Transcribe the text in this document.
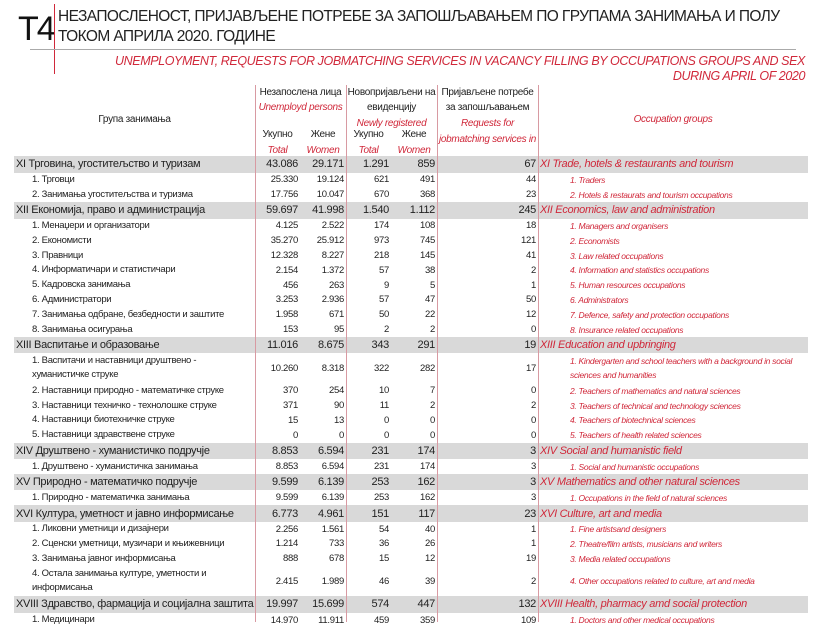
T4 НЕЗАПОСЛЕНОСТ, ПРИЈАВЉЕНЕ ПОТРЕБЕ ЗА ЗАПОШЉАВАЊЕМ ПО ГРУПАМА ЗАНИМАЊА И ПОЛУ
ТОКОМ АПРИЛА 2020. ГОДИНЕ
UNEMPLOYMENT, REQUESTS FOR JOBMATCHING SERVICES IN VACANCY FILLING BY OCCUPATIONS GROUPS AND SEX
DURING APRIL OF 2020
Група занимања	Occupation groups
Незапослена лица
Unemployd persons
Укупно	Жене
Total	Women
Новопријављени на
евиденцију
Newly registered
Укупно	Жене
Total	Women
Пријављене потребе
за запошљавањем
Requests for
jobmatching services in
XI Трговина, угоститељство и туризам	43.086	29.171	1.291	859	67	XI Trade, hotels & restaurants and tourism
1. Трговци	25.330	19.124	621	491	44	1. Traders
2. Занимања угоститељства и туризма	17.756	10.047	670	368	23	2. Hotels & restaurats and tourism occupations
XII Економија, право и администрација	59.697	41.998	1.540	1.112	245	XII Economics, law and administration
1. Менаџери и организатори	4.125	2.522	174	108	18	1. Managers and organisers
2. Економисти	35.270	25.912	973	745	121	2. Economists
3. Правници	12.328	8.227	218	145	41	3. Law related occupations
4. Информатичари и статистичари	2.154	1.372	57	38	2	4. Information and statistics occupations
5. Кадровска занимања	456	263	9	5	1	5. Human resources occupations
6. Администратори	3.253	2.936	57	47	50	6. Administrators
7. Занимања одбране, безбедности и заштите	1.958	671	50	22	12	7. Defence, safety and protection occupations
8. Занимања осигурања	153	95	2	2	0	8. Insurance related occupations
XIII Васпитање и образовање	11.016	8.675	343	291	19	XIII Education and upbringing
1. Васпитачи и наставници друштвено - хуманистичке струке	10.260	8.318	322	282	17	1. Kindergarten and school teachers with a background in social sciences and humanities
2. Наставници природно - математичке струке	370	254	10	7	0	2. Teachers of mathematics and natural sciences
3. Наставници техничко - технолошке струке	371	90	11	2	2	3. Teachers of technical and technology sciences
4. Наставници биотехничке струке	15	13	0	0	0	4. Teachers of biotechnical sciences
5. Наставници здравствене струке	0	0	0	0	0	5. Teachers of health related sciences
XIV Друштвено - хуманистичко подручје	8.853	6.594	231	174	3	XIV Social and humanistic field
1. Друштвено - хуманистичка занимања	8.853	6.594	231	174	3	1. Social and humanistic occupations
XV Природно - математичко подручје	9.599	6.139	253	162	3	XV Mathematics and other natural sciences
1. Природно - математичка занимања	9.599	6.139	253	162	3	1. Occupations in the field of natural sciences
XVI Култура, уметност и јавно информисање	6.773	4.961	151	117	23	XVI Culture, art and media
1. Ликовни уметници и дизајнери	2.256	1.561	54	40	1	1. Fine artistsand designers
2. Сценски уметници, музичари и књижевници	1.214	733	36	26	1	2. Theatre/film artists, musicians and writers
3. Занимања јавног информисања	888	678	15	12	19	3. Media related occupations
4. Остала занимања културе, уметности и информисања	2.415	1.989	46	39	2	4. Other occupations related to culture, art and media
XVIII Здравство, фармација и социјална заштита	19.997	15.699	574	447	132	XVIII Health, pharmacy amd social protection
1. Медицинари	14.970	11.911	459	359	109	1. Doctors and other medical occupations
